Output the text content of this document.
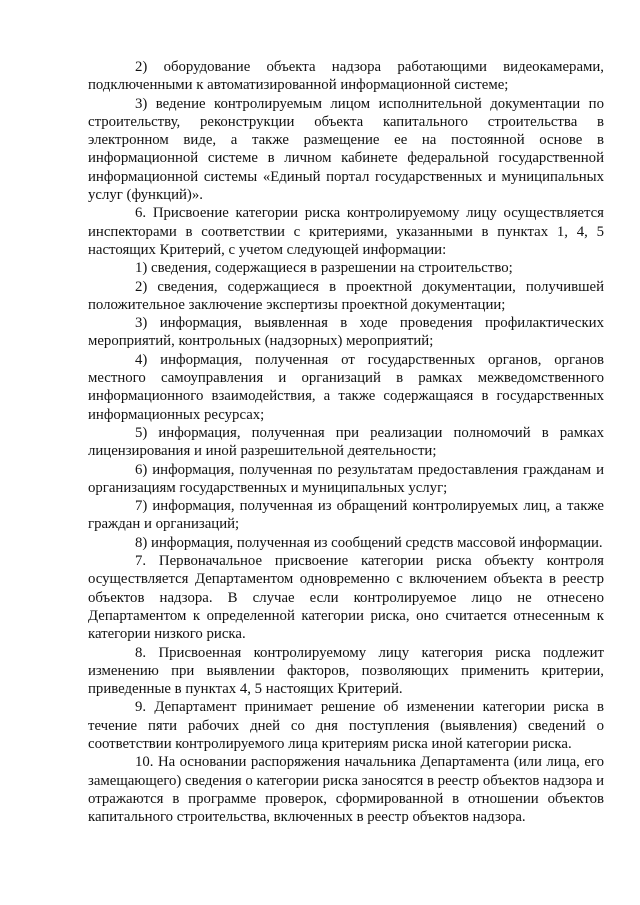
2) оборудование объекта надзора работающими видеокамерами, подключенными к автоматизированной информационной системе;

3) ведение контролируемым лицом исполнительной документации по строительству, реконструкции объекта капитального строительства в электронном виде, а также размещение ее на постоянной основе в информационной системе в личном кабинете федеральной государственной информационной системы «Единый портал государственных и муниципальных услуг (функций)».

6. Присвоение категории риска контролируемому лицу осуществляется инспекторами в соответствии с критериями, указанными в пунктах 1, 4, 5 настоящих Критерий, с учетом следующей информации:

1) сведения, содержащиеся в разрешении на строительство;

2) сведения, содержащиеся в проектной документации, получившей положительное заключение экспертизы проектной документации;

3) информация, выявленная в ходе проведения профилактических мероприятий, контрольных (надзорных) мероприятий;

4) информация, полученная от государственных органов, органов местного самоуправления и организаций в рамках межведомственного информационного взаимодействия, а также содержащаяся в государственных информационных ресурсах;

5) информация, полученная при реализации полномочий в рамках лицензирования и иной разрешительной деятельности;

6) информация, полученная по результатам предоставления гражданам и организациям государственных и муниципальных услуг;

7) информация, полученная из обращений контролируемых лиц, а также граждан и организаций;

8) информация, полученная из сообщений средств массовой информации.

7. Первоначальное присвоение категории риска объекту контроля осуществляется Департаментом одновременно с включением объекта в реестр объектов надзора. В случае если контролируемое лицо не отнесено Департаментом к определенной категории риска, оно считается отнесенным к категории низкого риска.

8. Присвоенная контролируемому лицу категория риска подлежит изменению при выявлении факторов, позволяющих применить критерии, приведенные в пунктах 4, 5 настоящих Критерий.

9. Департамент принимает решение об изменении категории риска в течение пяти рабочих дней со дня поступления (выявления) сведений о соответствии контролируемого лица критериям риска иной категории риска.

10. На основании распоряжения начальника Департамента (или лица, его замещающего) сведения о категории риска заносятся в реестр объектов надзора и отражаются в программе проверок, сформированной в отношении объектов капитального строительства, включенных в реестр объектов надзора.
